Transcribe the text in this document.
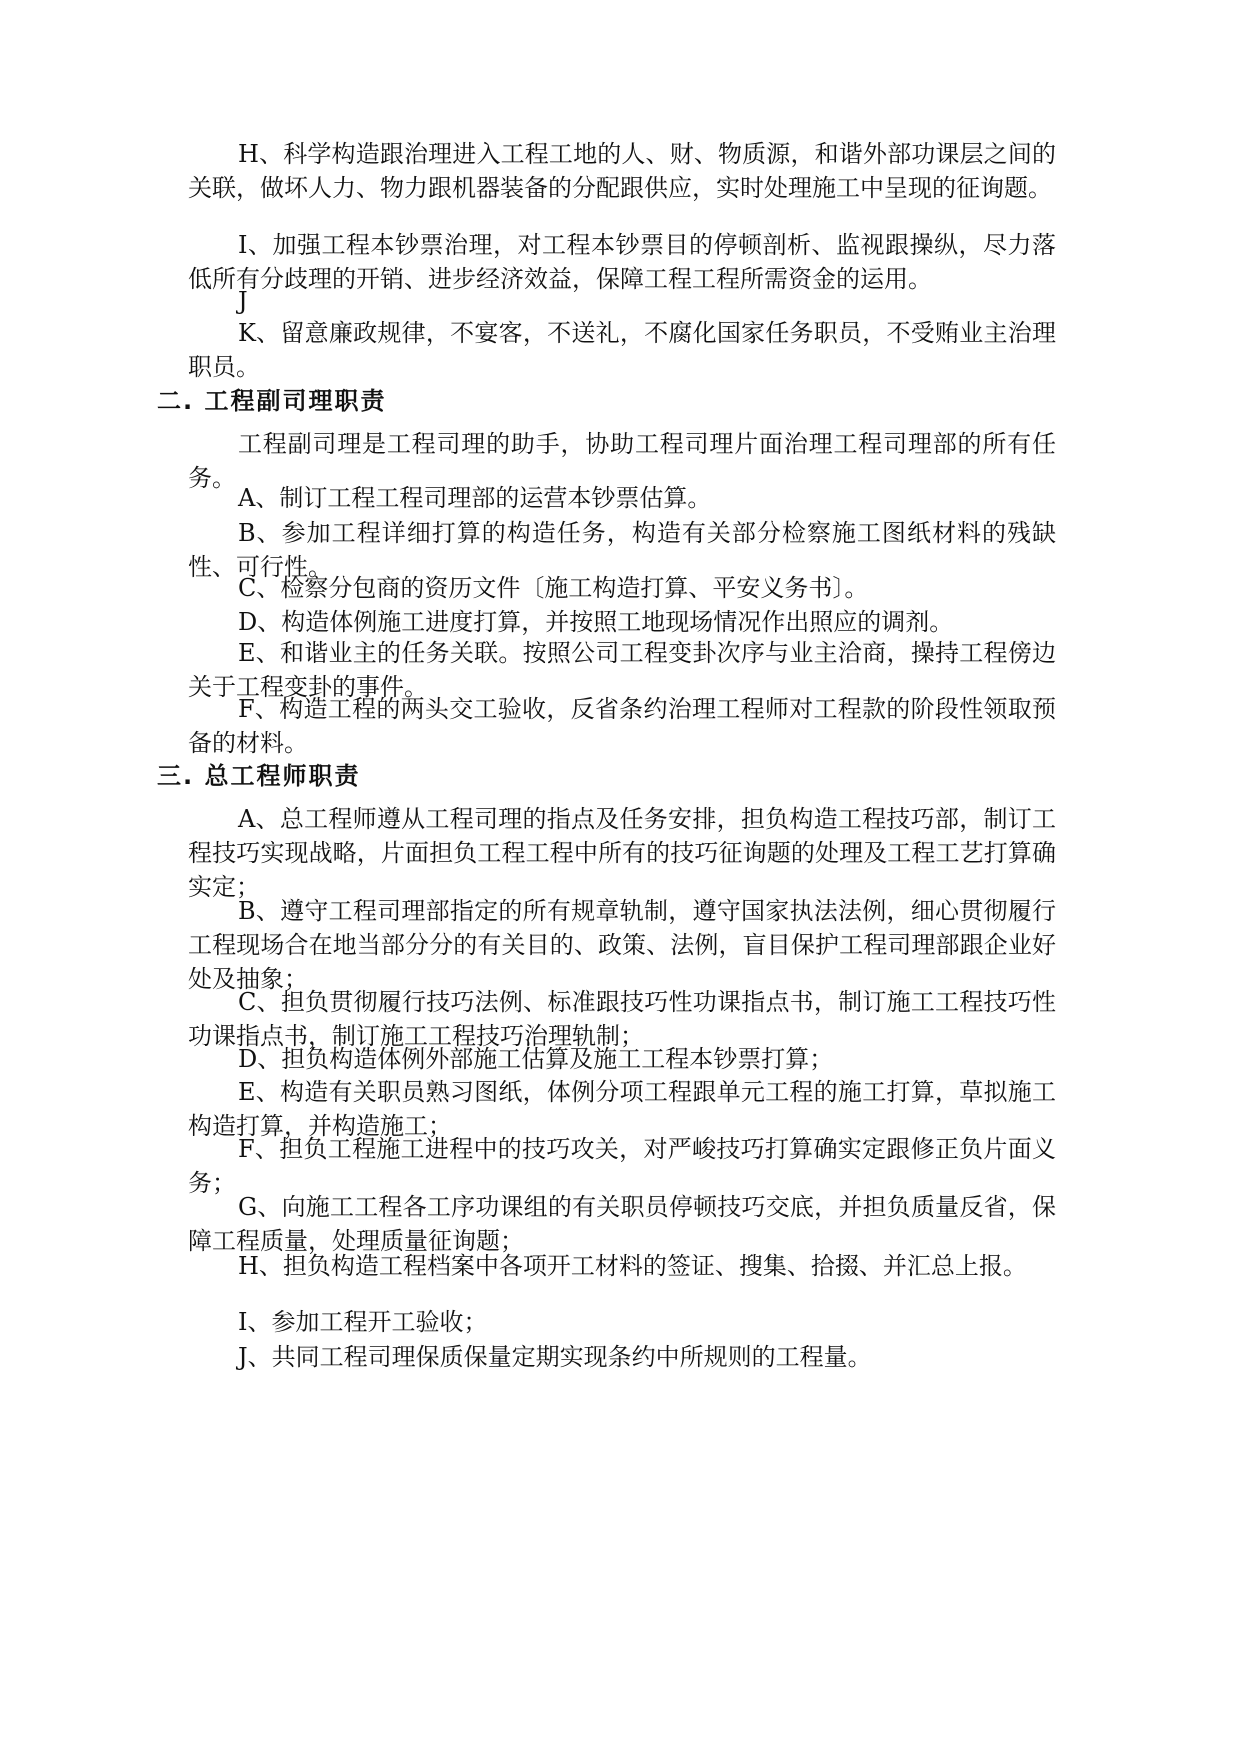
H、科学构造跟治理进入工程工地的人、财、物质源，和谐外部功课层之间的关联，做坏人力、物力跟机器装备的分配跟供应，实时处理施工中呈现的征询题。
I、加强工程本钞票治理，对工程本钞票目的停顿剖析、监视跟操纵，尽力落低所有分歧理的开销、进步经济效益，保障工程工程所需资金的运用。
J
K、留意廉政规律，不宴客，不送礼，不腐化国家任务职员，不受贿业主治理职员。
二. 工程副司理职责
工程副司理是工程司理的助手，协助工程司理片面治理工程司理部的所有任务。
A、制订工程工程司理部的运营本钞票估算。
B、参加工程详细打算的构造任务，构造有关部分检察施工图纸材料的残缺性、可行性。
C、检察分包商的资历文件〔施工构造打算、平安义务书〕。
D、构造体例施工进度打算，并按照工地现场情况作出照应的调剂。
E、和谐业主的任务关联。按照公司工程变卦次序与业主洽商，操持工程傍边关于工程变卦的事件。
F、构造工程的两头交工验收，反省条约治理工程师对工程款的阶段性领取预备的材料。
三. 总工程师职责
A、总工程师遵从工程司理的指点及任务安排，担负构造工程技巧部，制订工程技巧实现战略，片面担负工程工程中所有的技巧征询题的处理及工程工艺打算确实定；
B、遵守工程司理部指定的所有规章轨制，遵守国家执法法例，细心贯彻履行工程现场合在地当部分分的有关目的、政策、法例，盲目保护工程司理部跟企业好处及抽象；
C、担负贯彻履行技巧法例、标准跟技巧性功课指点书，制订施工工程技巧性功课指点书，制订施工工程技巧治理轨制；
D、担负构造体例外部施工估算及施工工程本钞票打算；
E、构造有关职员熟习图纸，体例分项工程跟单元工程的施工打算，草拟施工构造打算，并构造施工；
F、担负工程施工进程中的技巧攻关，对严峻技巧打算确实定跟修正负片面义务；
G、向施工工程各工序功课组的有关职员停顿技巧交底，并担负质量反省，保障工程质量，处理质量征询题；
H、担负构造工程档案中各项开工材料的签证、搜集、拾掇、并汇总上报。
I、参加工程开工验收；
J、共同工程司理保质保量定期实现条约中所规则的工程量。
